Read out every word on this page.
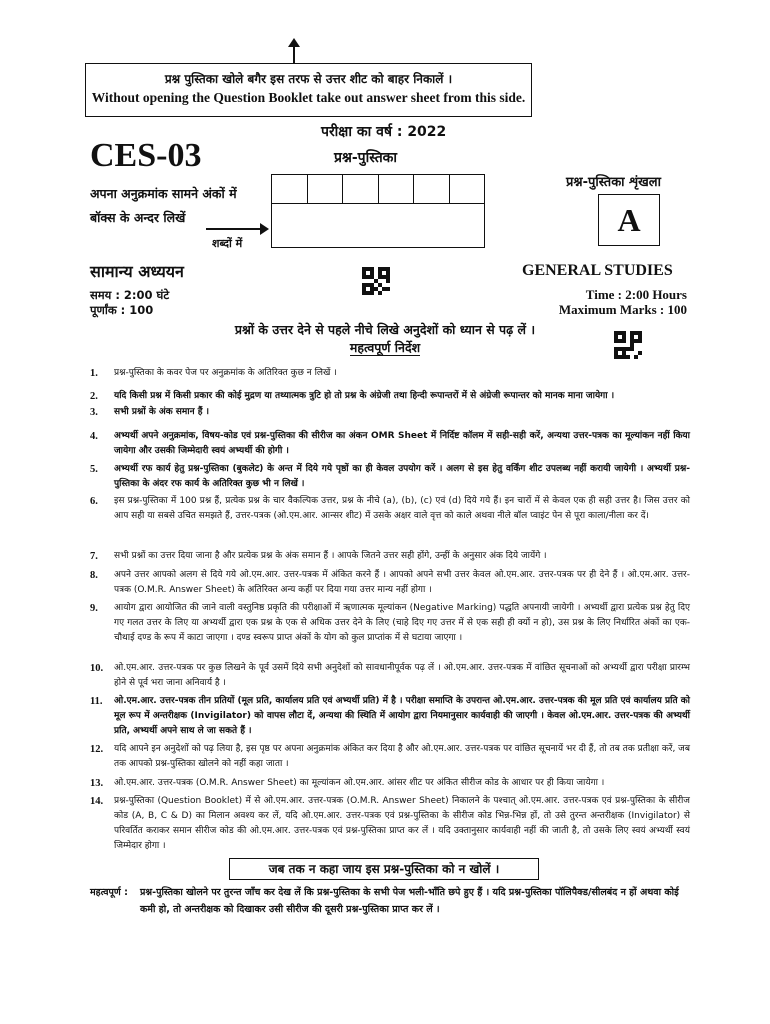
प्रश्न पुस्तिका खोले बगैर इस तरफ से उत्तर शीट को बाहर निकालें ।
Without opening the Question Booklet take out answer sheet from this side.
परीक्षा का वर्ष : 2022
CES-03	प्रश्न-पुस्तिका
प्रश्न-पुस्तिका शृंखला
A
अपना अनुक्रमांक सामने अंकों में बॉक्स के अन्दर लिखें
शब्दों में
सामान्य अध्ययन	GENERAL STUDIES
समय : 2:00 घंटे
पूर्णांक : 100
Time : 2:00 Hours
Maximum Marks : 100
प्रश्नों के उत्तर देने से पहले नीचे लिखे अनुदेशों को ध्यान से पढ़ लें ।
महत्वपूर्ण निर्देश
1. प्रश्न-पुस्तिका के कवर पेज पर अनुक्रमांक के अतिरिक्त कुछ न लिखें ।
2. यदि किसी प्रश्न में किसी प्रकार की कोई मुद्रण या तथ्यात्मक त्रुटि हो तो प्रश्न के अंग्रेजी तथा हिन्दी रूपान्तरों में से अंग्रेजी रूपान्तर को मानक माना जायेगा ।
3. सभी प्रश्नों के अंक समान हैं ।
4. अभ्यर्थी अपने अनुक्रमांक, विषय-कोड एवं प्रश्न-पुस्तिका की सीरीज का अंकन OMR Sheet में निर्दिष्ट कॉलम में सही-सही करें, अन्यथा उत्तर-पत्रक का मूल्यांकन नहीं किया जायेगा और उसकी जिम्मेदारी स्वयं अभ्यर्थी की होगी ।
5. अभ्यर्थी रफ कार्य हेतु प्रश्न-पुस्तिका (बुकलेट) के अन्त में दिये गये पृष्ठों का ही केवल उपयोग करें । अलग से इस हेतु वर्किंग शीट उपलब्ध नहीं करायी जायेगी । अभ्यर्थी प्रश्न-पुस्तिका के अंदर रफ कार्य के अतिरिक्त कुछ भी न लिखें ।
6. इस प्रश्न-पुस्तिका में 100 प्रश्न हैं, प्रत्येक प्रश्न के चार वैकल्पिक उत्तर, प्रश्न के नीचे (a), (b), (c) एवं (d) दिये गये हैं। इन चारों में से केवल एक ही सही उत्तर है। जिस उत्तर को आप सही या सबसे उचित समझते हैं, उत्तर-पत्रक (ओ.एम.आर. आन्सर शीट) में उसके अक्षर वाले वृत्त को काले अथवा नीले बॉल प्वाइंट पेन से पूरा काला/नीला कर दें।
7. सभी प्रश्नों का उत्तर दिया जाना है और प्रत्येक प्रश्न के अंक समान हैं । आपके जितने उत्तर सही होंगे, उन्हीं के अनुसार अंक दिये जायेंगे ।
8. अपने उत्तर आपको अलग से दिये गये ओ.एम.आर. उत्तर-पत्रक में अंकित करने हैं । आपको अपने सभी उत्तर केवल ओ.एम.आर. उत्तर-पत्रक पर ही देने हैं । ओ.एम.आर. उत्तर-पत्रक (O.M.R. Answer Sheet) के अतिरिक्त अन्य कहीं पर दिया गया उत्तर मान्य नहीं होगा ।
9. आयोग द्वारा आयोजित की जाने वाली वस्तुनिष्ठ प्रकृति की परीक्षाओं में ऋणात्मक मूल्यांकन (Negative Marking) पद्धति अपनायी जायेगी । अभ्यर्थी द्वारा प्रत्येक प्रश्न हेतु दिए गए गलत उत्तर के लिए या अभ्यर्थी द्वारा एक प्रश्न के एक से अधिक उत्तर देने के लिए (चाहे दिए गए उत्तर में से एक सही ही क्यों न हो), उस प्रश्न के लिए निर्धारित अंकों का एक-चौथाई दण्ड के रूप में काटा जाएगा । दण्ड स्वरूप प्राप्त अंकों के योग को कुल प्राप्तांक में से घटाया जाएगा ।
10. ओ.एम.आर. उत्तर-पत्रक पर कुछ लिखने के पूर्व उसमें दिये सभी अनुदेशों को सावधानीपूर्वक पढ़ लें । ओ.एम.आर. उत्तर-पत्रक में वांछित सूचनाओं को अभ्यर्थी द्वारा परीक्षा प्रारम्भ होने से पूर्व भरा जाना अनिवार्य है ।
11. ओ.एम.आर. उत्तर-पत्रक तीन प्रतियों (मूल प्रति, कार्यालय प्रति एवं अभ्यर्थी प्रति) में है । परीक्षा समाप्ति के उपरान्त ओ.एम.आर. उत्तर-पत्रक की मूल प्रति एवं कार्यालय प्रति को मूल रूप में अन्तरीक्षक (Invigilator) को वापस लौटा दें, अन्यथा की स्थिति में आयोग द्वारा नियमानुसार कार्यवाही की जाएगी । केवल ओ.एम.आर. उत्तर-पत्रक की अभ्यर्थी प्रति, अभ्यर्थी अपने साथ ले जा सकते हैं ।
12. यदि आपने इन अनुदेशों को पढ़ लिया है, इस पृष्ठ पर अपना अनुक्रमांक अंकित कर दिया है और ओ.एम.आर. उत्तर-पत्रक पर वांछित सूचनायें भर दी हैं, तो तब तक प्रतीक्षा करें, जब तक आपको प्रश्न-पुस्तिका खोलने को नहीं कहा जाता ।
13. ओ.एम.आर. उत्तर-पत्रक (O.M.R. Answer Sheet) का मूल्यांकन ओ.एम.आर. आंसर शीट पर अंकित सीरीज कोड के आधार पर ही किया जायेगा ।
14. प्रश्न-पुस्तिका (Question Booklet) में से ओ.एम.आर. उत्तर-पत्रक (O.M.R. Answer Sheet) निकालने के पश्चात् ओ.एम.आर. उत्तर-पत्रक एवं प्रश्न-पुस्तिका के सीरीज कोड (A, B, C & D) का मिलान अवश्य कर लें, यदि ओ.एम.आर. उत्तर-पत्रक एवं प्रश्न-पुस्तिका के सीरीज कोड भिन्न-भिन्न हों, तो उसे तुरन्त अन्तरीक्षक (Invigilator) से परिवर्तित कराकर समान सीरीज कोड की ओ.एम.आर. उत्तर-पत्रक एवं प्रश्न-पुस्तिका प्राप्त कर लें । यदि उक्तानुसार कार्यवाही नहीं की जाती है, तो उसके लिए स्वयं अभ्यर्थी स्वयं जिम्मेदार होगा ।
जब तक न कहा जाय इस प्रश्न-पुस्तिका को न खोलें ।
महत्वपूर्ण : प्रश्न-पुस्तिका खोलने पर तुरन्त जाँच कर देख लें कि प्रश्न-पुस्तिका के सभी पेज भली-भाँति छपे हुए हैं । यदि प्रश्न-पुस्तिका पॉलिपैक्ड/सीलबंद न हों अथवा कोई कमी हो, तो अन्तरीक्षक को दिखाकर उसी सीरीज की दूसरी प्रश्न-पुस्तिका प्राप्त कर लें ।
